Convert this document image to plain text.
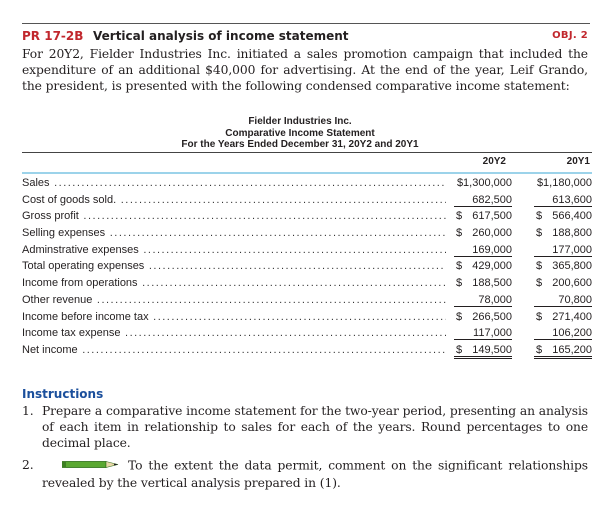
PR 17-2B Vertical analysis of income statement	OBJ. 2
For 20Y2, Fielder Industries Inc. initiated a sales promotion campaign that included the expenditure of an additional $40,000 for advertising. At the end of the year, Leif Grando, the president, is presented with the following condensed comparative income statement:
Fielder Industries Inc.
Comparative Income Statement
For the Years Ended December 31, 20Y2 and 20Y1
20Y2	20Y1
Sales .....	$1,300,000 $1,180,000
Cost of goods sold. .....	682,500	613,600
Gross profit .....	$ 617,500 $ 566,400
Selling expenses .....	$ 260,000 $ 188,800
Adminstrative expenses .....	169,000	177,000
Total operating expenses .....	$ 429,000 $ 365,800
Income from operations .....	$ 188,500 $ 200,600
Other revenue .....	78,000	70,800
Income before income tax .....	$ 266,500 $ 271,400
Income tax expense .....	117,000	106,200
Net income .....	$ 149,500 $ 165,200
Instructions
1. Prepare a comparative income statement for the two-year period, presenting an analysis of each item in relationship to sales for each of the years. Round percentages to one decimal place.
2.	To the extent the data permit, comment on the significant relationships revealed by the vertical analysis prepared in (1).
